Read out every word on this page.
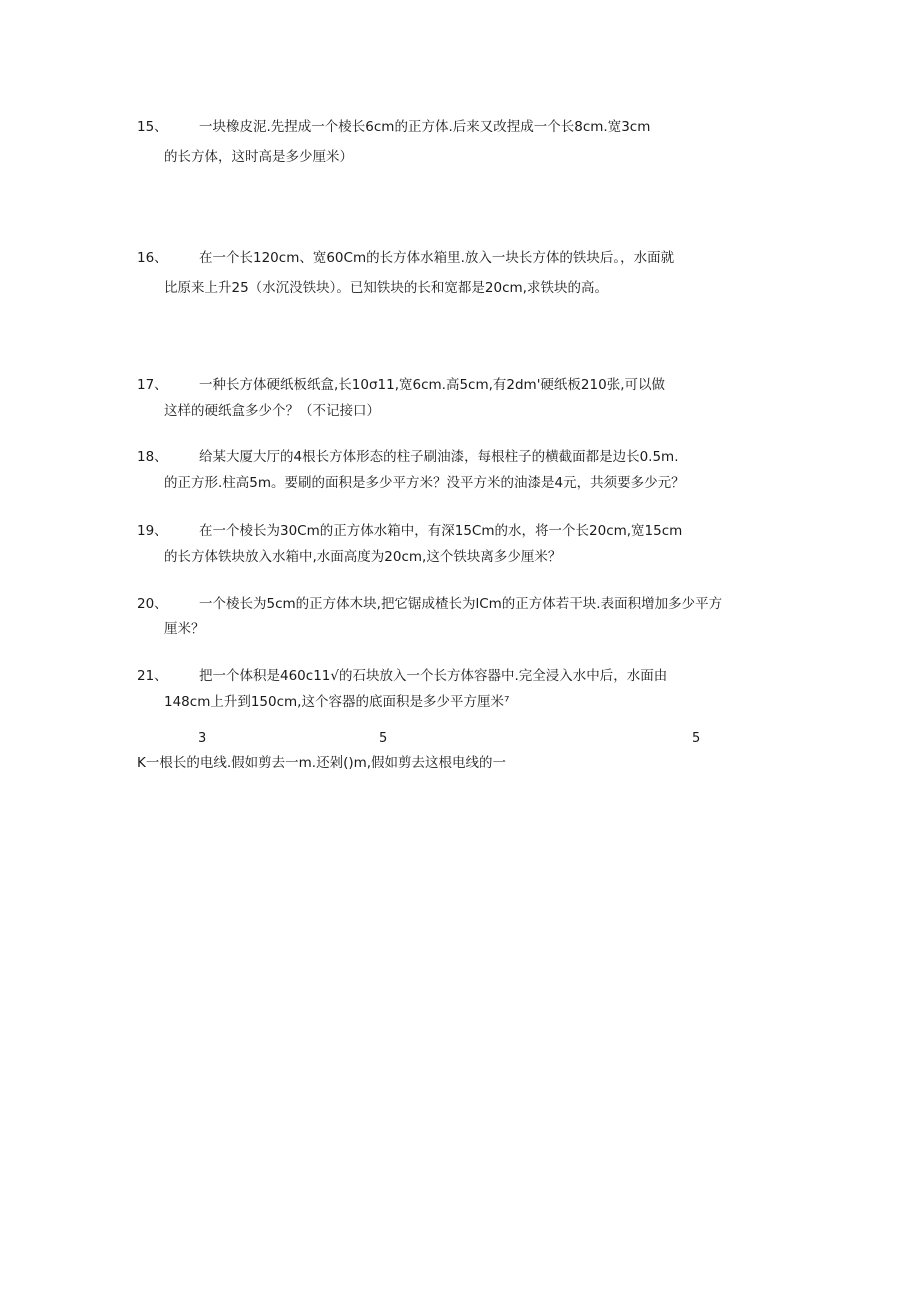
15、 一块橡皮泥.先捏成一个棱长6cm的正方体.后来又改捏成一个长8cm.宽3cm
的长方体，这时高是多少厘米）
16、 在一个长120cm、宽60Cm的长方体水箱里.放入一块长方体的铁块后。，水面就
比原来上升25（水沉没铁块）。已知铁块的长和宽都是20cm,求铁块的高。
17、 一种长方体硬纸板纸盒,长10σ11,宽6cm.高5cm,有2dm'硬纸板210张,可以做
这样的硬纸盒多少个？（不记接口）
18、 给某大厦大厅的4根长方体形态的柱子刷油漆，每根柱子的横截面都是边长0.5m.
的正方形.柱高5m。要刷的面积是多少平方米？没平方米的油漆是4元，共须要多少元？
19、 在一个棱长为30Cm的正方体水箱中，有深15Cm的水，将一个长20cm,宽15cm
的长方体铁块放入水箱中,水面高度为20cm,这个铁块离多少厘米？
20、 一个棱长为5cm的正方体木块,把它锯成楂长为lCm的正方体若干块.表面积增加多少平方
厘米？
21、 把一个体积是460c11√的石块放入一个长方体容器中.完全浸入水中后，水面由
148cm上升到150cm,这个容器的底面积是多少平方厘米⁷
3	5	5
K一根长的电线.假如剪去一m.还剁()m,假如剪去这根电线的一
